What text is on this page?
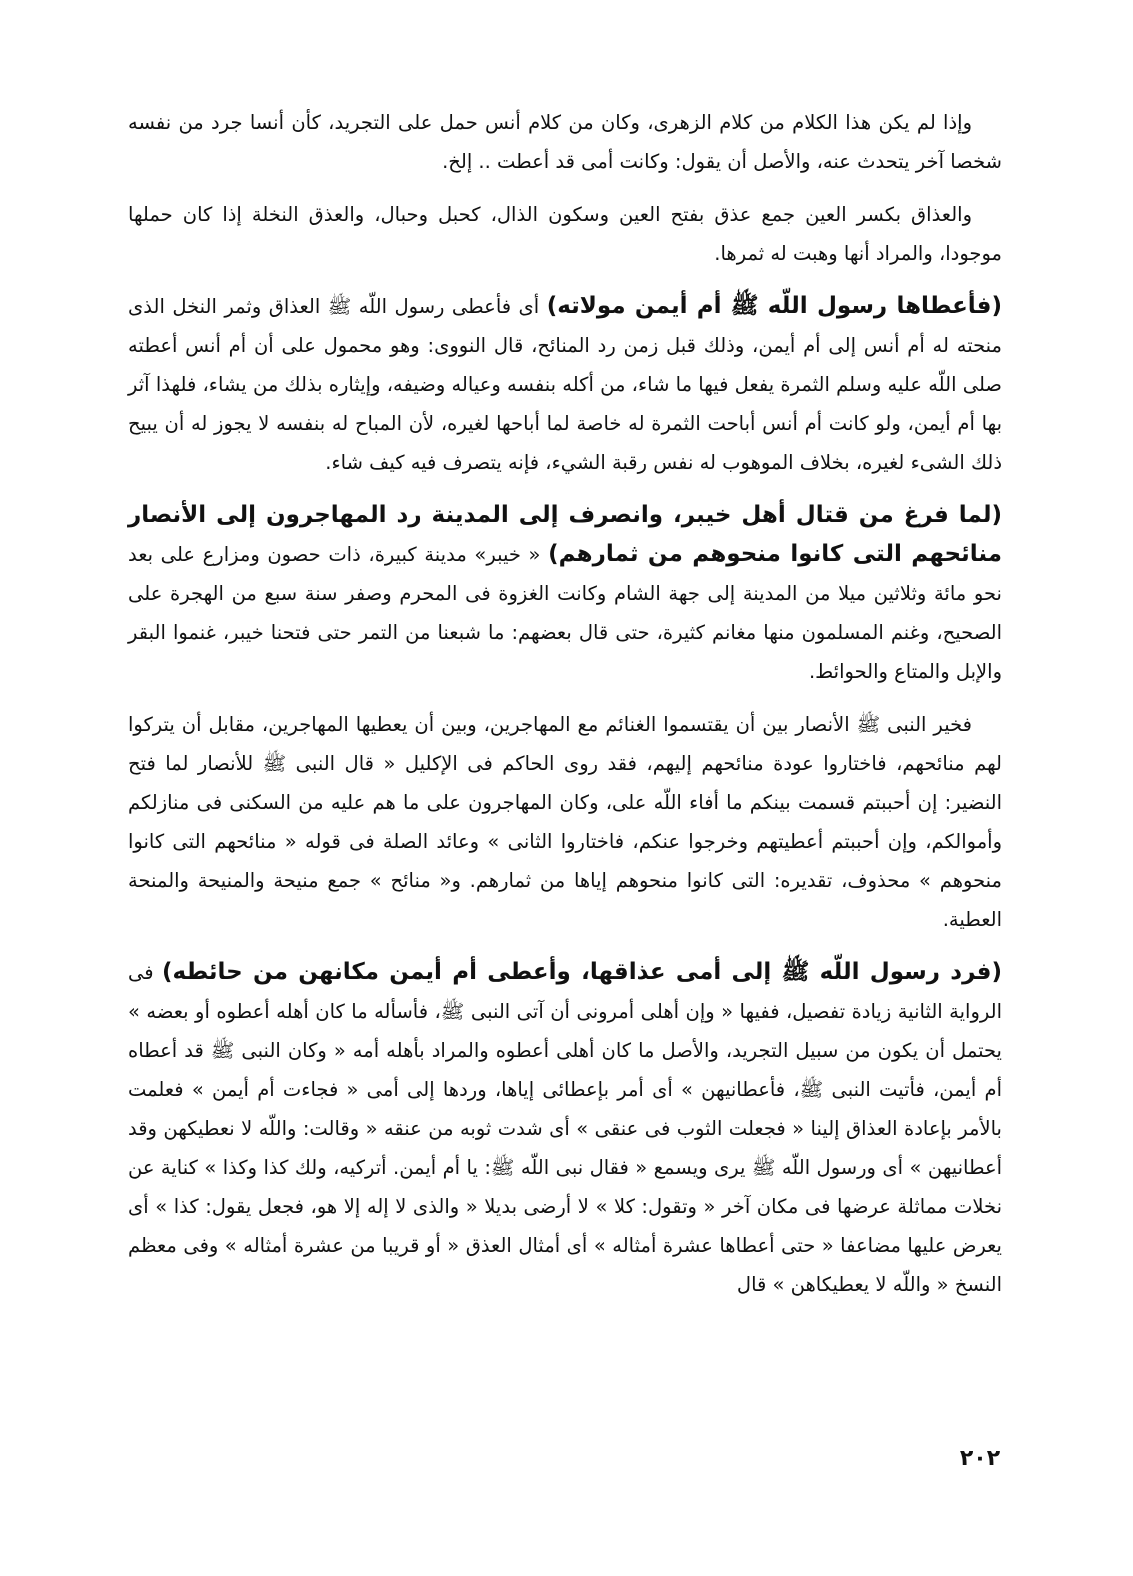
وإذا لم يكن هذا الكلام من كلام الزهرى، وكان من كلام أنس حمل على التجريد، كأن أنسا جرد من نفسه شخصا آخر يتحدث عنه، والأصل أن يقول: وكانت أمى قد أعطت .. إلخ.

والعذاق بكسر العين جمع عذق بفتح العين وسكون الذال، كحبل وحبال، والعذق النخلة إذا كان حملها موجودا، والمراد أنها وهبت له ثمرها.

(فأعطاها رسول اللّه ﷺ أم أيمن مولاته) أى فأعطى رسول اللّه ﷺ العذاق وثمر النخل الذى منحته له أم أنس إلى أم أيمن، وذلك قبل زمن رد المنائح، قال النووى: وهو محمول على أن أم أنس أعطته صلى اللّه عليه وسلم الثمرة يفعل فيها ما شاء، من أكله بنفسه وعياله وضيفه، وإيثاره بذلك من يشاء، فلهذا آثر بها أم أيمن، ولو كانت أم أنس أباحت الثمرة له خاصة لما أباحها لغيره، لأن المباح له بنفسه لا يجوز له أن يبيح ذلك الشىء لغيره، بخلاف الموهوب له نفس رقبة الشيء، فإنه يتصرف فيه كيف شاء.

(لما فرغ من قتال أهل خيبر، وانصرف إلى المدينة رد المهاجرون إلى الأنصار منائحهم التى كانوا منحوهم من ثمارهم) « خيبر» مدينة كبيرة، ذات حصون ومزارع على بعد نحو مائة وثلاثين ميلا من المدينة إلى جهة الشام وكانت الغزوة فى المحرم وصفر سنة سبع من الهجرة على الصحيح، وغنم المسلمون منها مغانم كثيرة، حتى قال بعضهم: ما شبعنا من التمر حتى فتحنا خيبر، غنموا البقر والإبل والمتاع والحوائط.

فخير النبى ﷺ الأنصار بين أن يقتسموا الغنائم مع المهاجرين، وبين أن يعطيها المهاجرين، مقابل أن يتركوا لهم منائحهم، فاختاروا عودة منائحهم إليهم، فقد روى الحاكم فى الإكليل « قال النبى ﷺ للأنصار لما فتح النضير: إن أحببتم قسمت بينكم ما أفاء اللّه على، وكان المهاجرون على ما هم عليه من السكنى فى منازلكم وأموالكم، وإن أحببتم أعطيتهم وخرجوا عنكم، فاختاروا الثانى » وعائد الصلة فى قوله « منائحهم التى كانوا منحوهم » محذوف، تقديره: التى كانوا منحوهم إياها من ثمارهم. و« منائح » جمع منيحة والمنيحة والمنحة العطية.

(فرد رسول اللّه ﷺ إلى أمى عذاقها، وأعطى أم أيمن مكانهن من حائطه) فى الرواية الثانية زيادة تفصيل، ففيها « وإن أهلى أمرونى أن آتى النبى ﷺ، فأسأله ما كان أهله أعطوه أو بعضه » يحتمل أن يكون من سبيل التجريد، والأصل ما كان أهلى أعطوه والمراد بأهله أمه « وكان النبى ﷺ قد أعطاه أم أيمن، فأتيت النبى ﷺ، فأعطانيهن » أى أمر بإعطائى إياها، وردها إلى أمى « فجاءت أم أيمن » فعلمت بالأمر بإعادة العذاق إلينا « فجعلت الثوب فى عنقى » أى شدت ثوبه من عنقه « وقالت: واللّه لا نعطيكهن وقد أعطانيهن » أى ورسول اللّه ﷺ يرى ويسمع « فقال نبى اللّه ﷺ: يا أم أيمن. أتركيه، ولك كذا وكذا » كناية عن نخلات مماثلة عرضها فى مكان آخر « وتقول: كلا » لا أرضى بديلا « والذى لا إله إلا هو، فجعل يقول: كذا » أى يعرض عليها مضاعفا « حتى أعطاها عشرة أمثاله » أى أمثال العذق « أو قريبا من عشرة أمثاله » وفى معظم النسخ « واللّه لا يعطيكاهن » قال

٢٠٢
